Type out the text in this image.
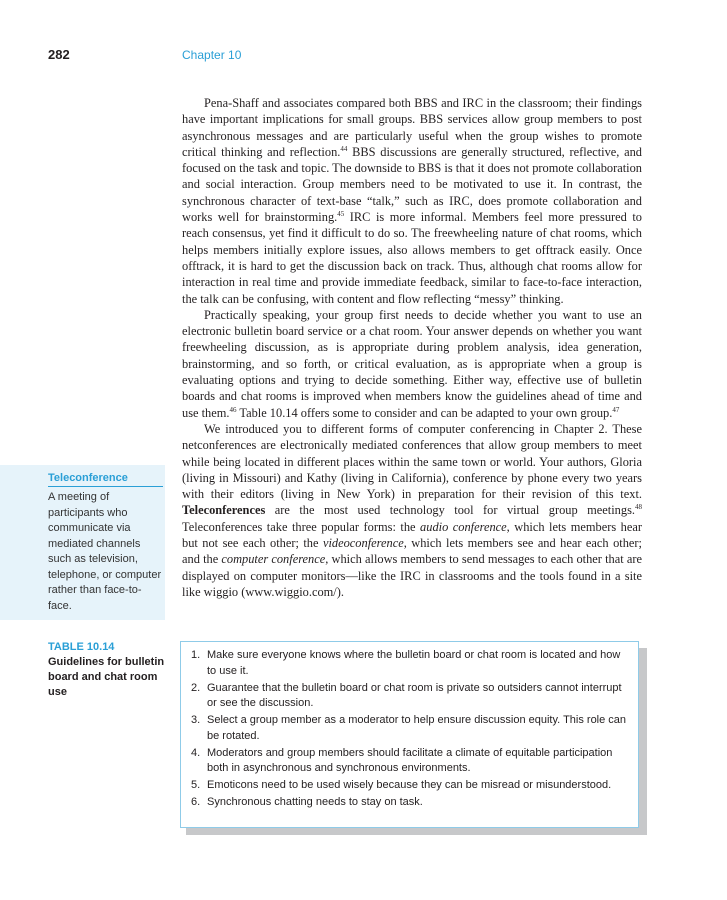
282	Chapter 10

Pena-Shaff and associates compared both BBS and IRC in the classroom; their findings have important implications for small groups. BBS services allow group members to post asynchronous messages and are particularly useful when the group wishes to promote critical thinking and reflection.$^{44}$ BBS discussions are generally structured, reflective, and focused on the task and topic. The downside to BBS is that it does not promote collaboration and social interaction. Group members need to be motivated to use it. In contrast, the synchronous character of text-base “talk,” such as IRC, does promote collaboration and works well for brainstorming.$^{45}$ IRC is more informal. Members feel more pressured to reach consensus, yet find it difficult to do so. The freewheeling nature of chat rooms, which helps members initially explore issues, also allows members to get offtrack easily. Once offtrack, it is hard to get the discussion back on track. Thus, although chat rooms allow for interaction in real time and provide immediate feedback, similar to face-to-face interaction, the talk can be confusing, with content and flow reflecting “messy” thinking.

Practically speaking, your group first needs to decide whether you want to use an electronic bulletin board service or a chat room. Your answer depends on whether you want freewheeling discussion, as is appropriate during problem analysis, idea generation, brainstorming, and so forth, or critical evaluation, as is appropriate when a group is evaluating options and trying to decide something. Either way, effective use of bulletin boards and chat rooms is improved when members know the guidelines ahead of time and use them.$^{46}$ Table 10.14 offers some to consider and can be adapted to your own group.$^{47}$

We introduced you to different forms of computer conferencing in Chapter 2. These netconferences are electronically mediated conferences that allow group members to meet while being located in different places within the same town or world. Your authors, Gloria (living in Missouri) and Kathy (living in California), conference by phone every two years with their editors (living in New York) in preparation for their revision of this text. Teleconferences are the most used technology tool for virtual group meetings.$^{48}$ Teleconferences take three popular forms: the audio conference, which lets members hear but not see each other; the videoconference, which lets members see and hear each other; and the computer conference, which allows members to send messages to each other that are displayed on computer monitors—like the IRC in classrooms and the tools found in a site like wiggio (www.wiggio.com/).

Teleconference
A meeting of participants who communicate via mediated channels such as television, telephone, or computer rather than face-to-face.
TABLE 10.14
Guidelines for bulletin board and chat room use
1. Make sure everyone knows where the bulletin board or chat room is located and how to use it.
2. Guarantee that the bulletin board or chat room is private so outsiders cannot interrupt or see the discussion.
3. Select a group member as a moderator to help ensure discussion equity. This role can be rotated.
4. Moderators and group members should facilitate a climate of equitable participation both in asynchronous and synchronous environments.
5. Emoticons need to be used wisely because they can be misread or misunderstood.
6. Synchronous chatting needs to stay on task.
